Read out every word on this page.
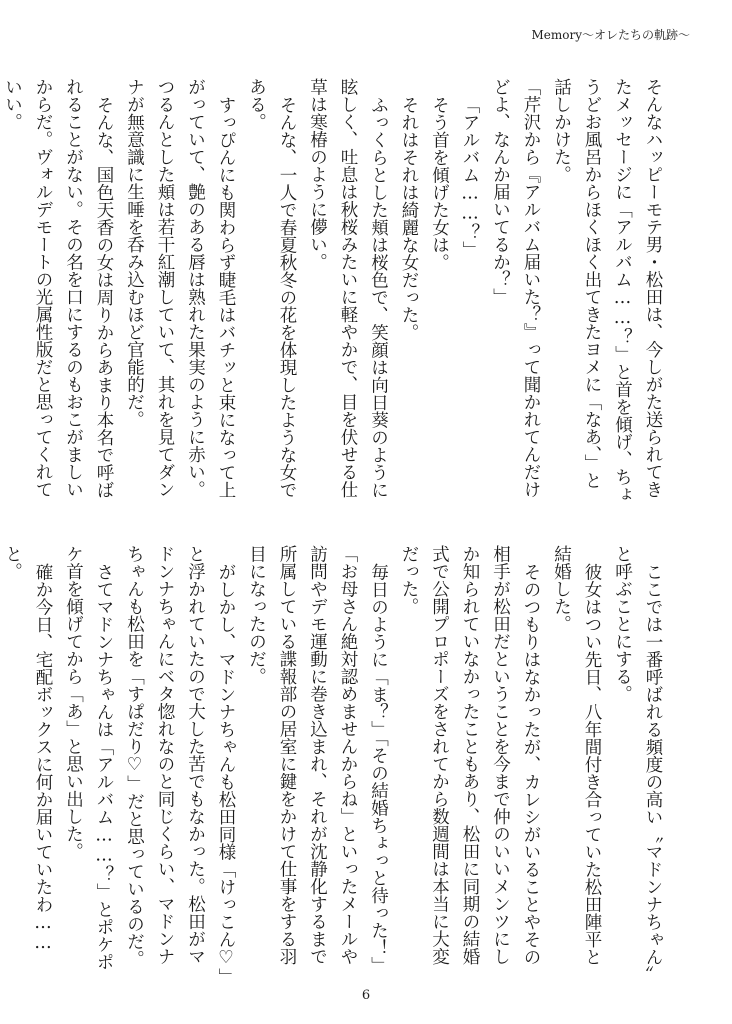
Memory〜オレたちの軌跡〜

そんなハッピーモテ男・松田は、今しがた送られてきたメッセージに「アルバム……？」と首を傾げ、ちょうどお風呂からほくほく出てきたヨメに「なあ、」と話しかけた。

「芹沢から『アルバム届いた？』って聞かれてんだけどよ、なんか届いてるか？」

「アルバム……？」

そう首を傾げた女は。

それはそれは綺麗な女だった。

ふっくらとした頬は桜色で、笑顔は向日葵のように眩しく、吐息は秋桜みたいに軽やかで、目を伏せる仕草は寒椿のように儚い。

そんな、一人で春夏秋冬の花を体現したような女である。

すっぴんにも関わらず睫毛はバチッと束になって上がっていて、艶のある唇は熟れた果実のように赤い。つるんとした頬は若干紅潮していて、其れを見てダンナが無意識に生唾を呑み込むほど官能的だ。

そんな、国色天香の女は周りからあまり本名で呼ばれることがない。その名を口にするのもおこがましいからだ。ヴォルデモートの光属性版だと思ってくれていい。

ここでは一番呼ばれる頻度の高い〝マドンナちゃん〟と呼ぶことにする。

彼女はつい先日、八年間付き合っていた松田陣平と結婚した。

そのつもりはなかったが、カレシがいることやその相手が松田だということを今まで仲のいいメンツにしか知られていなかったこともあり、松田に同期の結婚式で公開プロポーズをされてから数週間は本当に大変だった。

毎日のように「ま？」「その結婚ちょっと待った！」「お母さん絶対認めませんからね」といったメールや訪問やデモ運動に巻き込まれ、それが沈静化するまで所属している諜報部の居室に鍵をかけて仕事をする羽目になったのだ。

がしかし、マドンナちゃんも松田同様「けっこん♡」と浮かれていたので大した苦でもなかった。松田がマドンナちゃんにベタ惚れなのと同じくらい、マドンナちゃんも松田を「すぱだり♡」だと思っているのだ。

さてマドンナちゃんは「アルバム……？」とポケポケ首を傾げてから「あ」と思い出した。

確か今日、宅配ボックスに何か届いていたわ……と。

6
